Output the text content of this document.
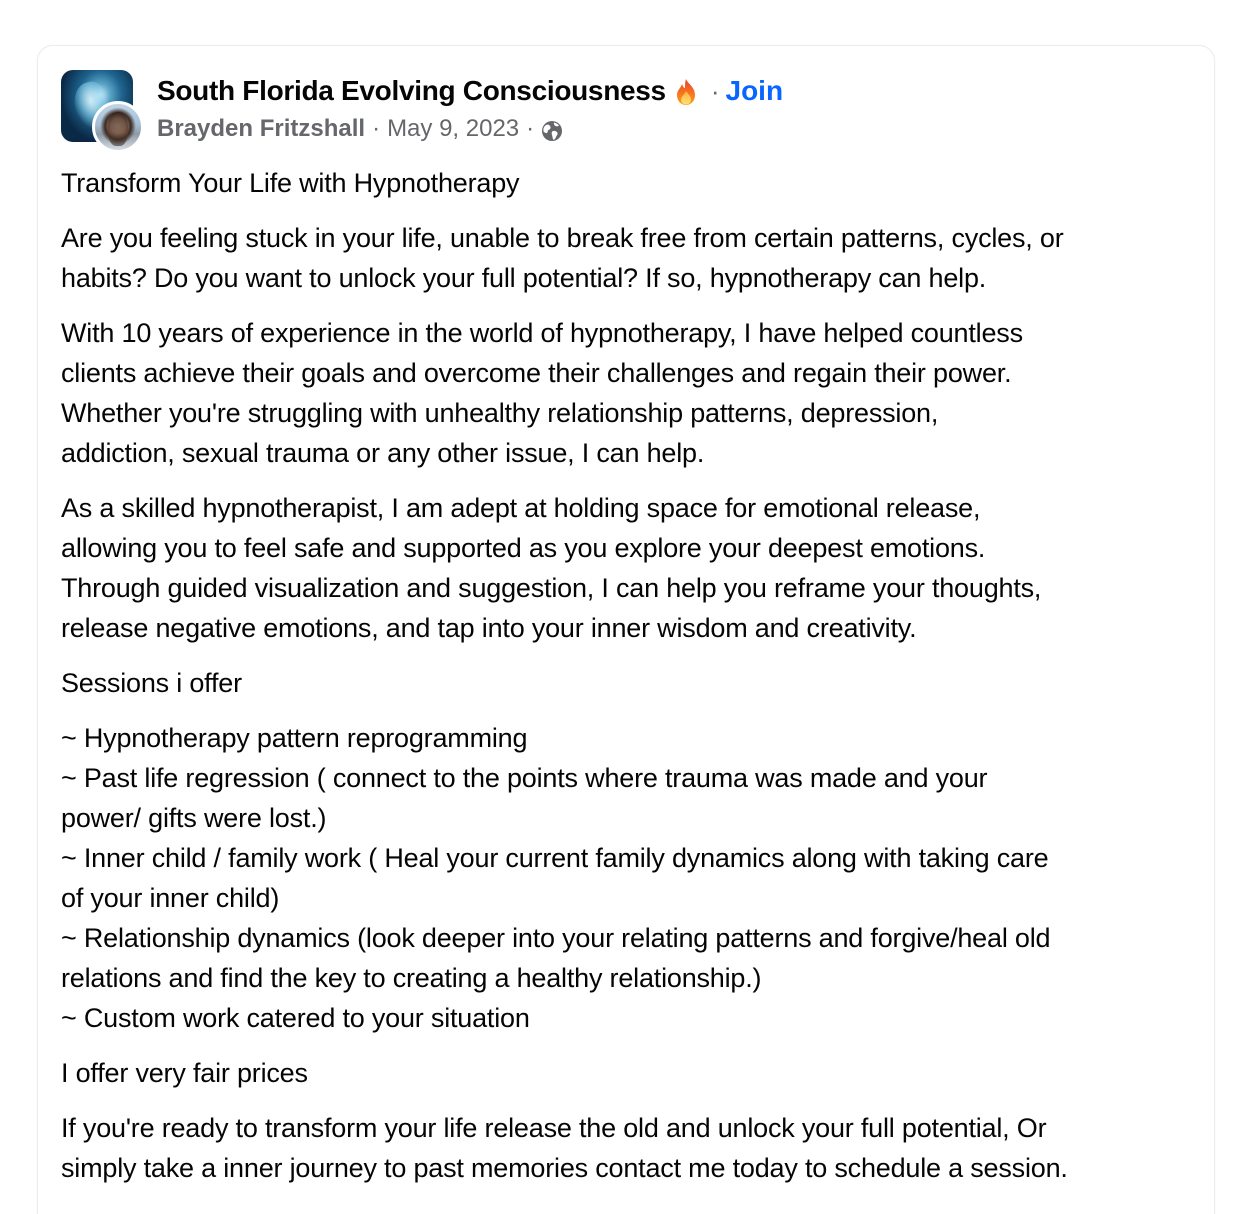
South Florida Evolving Consciousness · Join
Brayden Fritzshall · May 9, 2023 ·

Transform Your Life with Hypnotherapy

Are you feeling stuck in your life, unable to break free from certain patterns, cycles, or
habits? Do you want to unlock your full potential? If so, hypnotherapy can help.

With 10 years of experience in the world of hypnotherapy, I have helped countless
clients achieve their goals and overcome their challenges and regain their power.
Whether you're struggling with unhealthy relationship patterns, depression,
addiction, sexual trauma or any other issue, I can help.

As a skilled hypnotherapist, I am adept at holding space for emotional release,
allowing you to feel safe and supported as you explore your deepest emotions.
Through guided visualization and suggestion, I can help you reframe your thoughts,
release negative emotions, and tap into your inner wisdom and creativity.

Sessions i offer

~ Hypnotherapy pattern reprogramming
~ Past life regression ( connect to the points where trauma was made and your
power/ gifts were lost.)
~ Inner child / family work ( Heal your current family dynamics along with taking care
of your inner child)
~ Relationship dynamics (look deeper into your relating patterns and forgive/heal old
relations and find the key to creating a healthy relationship.)
~ Custom work catered to your situation

I offer very fair prices

If you're ready to transform your life release the old and unlock your full potential, Or
simply take a inner journey to past memories contact me today to schedule a session.
